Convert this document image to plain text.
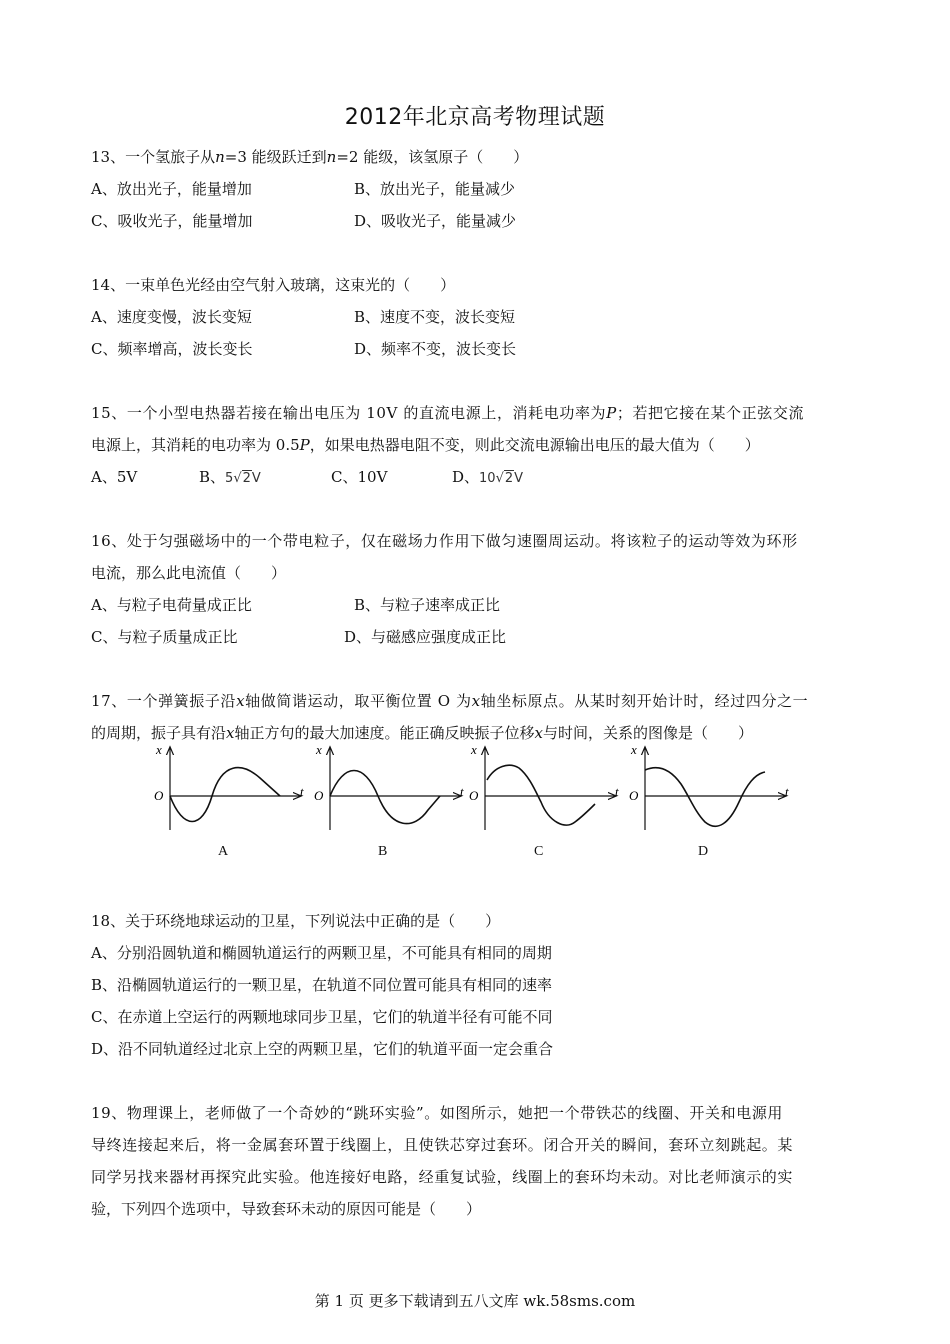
2012年北京高考物理试题
13、一个氢旅子从n=3 能级跃迁到n=2 能级，该氢原子（　　）
A、放出光子，能量增加	B、放出光子，能量减少
C、吸收光子，能量增加	D、吸收光子，能量减少
14、一束单色光经由空气射入玻璃，这束光的（　　）
A、速度变慢，波长变短	B、速度不变，波长变短
C、频率增高，波长变长	D、频率不变，波长变长
15、一个小型电热器若接在输出电压为 10V 的直流电源上，消耗电功率为P；若把它接在某个正弦交流
电源上，其消耗的电功率为 0.5P，如果电热器电阻不变，则此交流电源输出电压的最大值为（　　）
A、5V	B、5√2V	C、10V	D、10√2V
16、处于匀强磁场中的一个带电粒子，仅在磁场力作用下做匀速圈周运动。将该粒子的运动等效为环形
电流，那么此电流值（　　）
A、与粒子电荷量成正比	B、与粒子速率成正比
C、与粒子质量成正比	D、与磁感应强度成正比
17、一个弹簧振子沿x轴做简谐运动，取平衡位置 O 为x轴坐标原点。从某时刻开始计时，经过四分之一
的周期，振子具有沿x轴正方句的最大加速度。能正确反映振子位移x与时间，关系的图像是（　　）
x
t
O
x
t
O
x
t
O
x
t
O
A	B	C	D
18、关于环绕地球运动的卫星，下列说法中正确的是（　　）
A、分别沿圆轨道和椭圆轨道运行的两颗卫星，不可能具有相同的周期
B、沿椭圆轨道运行的一颗卫星，在轨道不同位置可能具有相同的速率
C、在赤道上空运行的两颗地球同步卫星，它们的轨道半径有可能不同
D、沿不同轨道经过北京上空的两颗卫星，它们的轨道平面一定会重合
19、物理课上，老师做了一个奇妙的“跳环实验”。如图所示，她把一个带铁芯的线圈、开关和电源用
导终连接起来后，将一金属套环置于线圈上，且使铁芯穿过套环。闭合开关的瞬间，套环立刻跳起。某
同学另找来器材再探究此实验。他连接好电路，经重复试验，线圈上的套环均未动。对比老师演示的实
验，下列四个选项中，导致套环未动的原因可能是（　　）
第 1 页 更多下载请到五八文库 wk.58sms.com
